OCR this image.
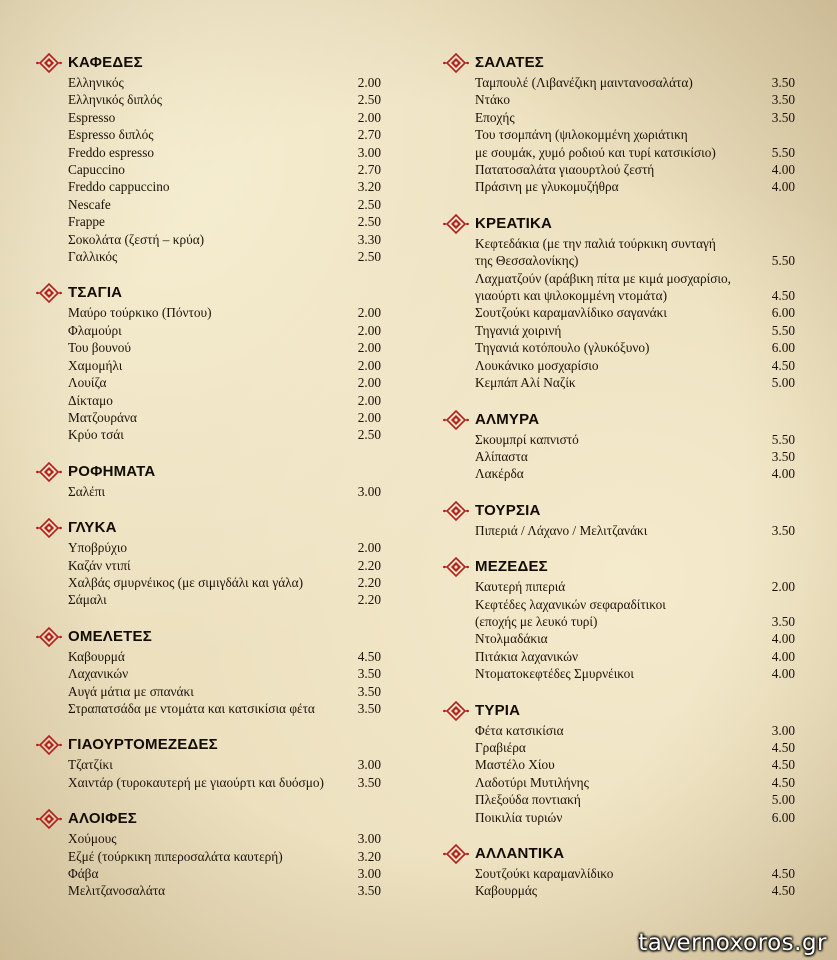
ΚΑΦΕΔΕΣ
Ελληνικός	2.00
Ελληνικός διπλός	2.50
Espresso	2.00
Espresso διπλός	2.70
Freddo espresso	3.00
Capuccino	2.70
Freddo cappuccino	3.20
Nescafe	2.50
Frappe	2.50
Σοκολάτα (ζεστή – κρύα)	3.30
Γαλλικός	2.50
ΤΣΑΓΙΑ
Μαύρο τούρκικο (Πόντου)	2.00
Φλαμούρι	2.00
Του βουνού	2.00
Χαμομήλι	2.00
Λουίζα	2.00
Δίκταμο	2.00
Ματζουράνα	2.00
Κρύο τσάι	2.50
ΡΟΦΗΜΑΤΑ
Σαλέπι	3.00
ΓΛΥΚΑ
Υποβρύχιο	2.00
Καζάν ντιπί	2.20
Χαλβάς σμυρνέικος (με σιμιγδάλι και γάλα)	2.20
Σάμαλι	2.20
ΟΜΕΛΕΤΕΣ
Καβουρμά	4.50
Λαχανικών	3.50
Αυγά μάτια με σπανάκι	3.50
Στραπατσάδα με ντομάτα και κατσικίσια φέτα	3.50
ΓΙΑΟΥΡΤΟΜΕΖΕΔΕΣ
Τζατζίκι	3.00
Χαιντάρ (τυροκαυτερή με γιαούρτι και δυόσμο)	3.50
ΑΛΟΙΦΕΣ
Χούμους	3.00
Εζμέ (τούρκικη πιπεροσαλάτα καυτερή)	3.20
Φάβα	3.00
Μελιτζανοσαλάτα	3.50
ΣΑΛΑΤΕΣ
Ταμπουλέ (Λιβανέζικη μαιντανοσαλάτα)	3.50
Ντάκο	3.50
Εποχής	3.50
Του τσομπάνη (ψιλοκομμένη χωριάτικη
με σουμάκ, χυμό ροδιού και τυρί κατσικίσιο)	5.50
Πατατοσαλάτα γιαουρτλού ζεστή	4.00
Πράσινη με γλυκομυζήθρα	4.00
ΚΡΕΑΤΙΚΑ
Κεφτεδάκια (με την παλιά τούρκικη συνταγή
της Θεσσαλονίκης)	5.50
Λαχματζούν (αράβικη πίτα με κιμά μοσχαρίσιο,
γιαούρτι και ψιλοκομμένη ντομάτα)	4.50
Σουτζούκι καραμανλίδικο σαγανάκι	6.00
Τηγανιά χοιρινή	5.50
Τηγανιά κοτόπουλο (γλυκόξυνο)	6.00
Λουκάνικο μοσχαρίσιο	4.50
Κεμπάπ Αλί Ναζίκ	5.00
ΑΛΜΥΡΑ
Σκουμπρί καπνιστό	5.50
Αλίπαστα	3.50
Λακέρδα	4.00
ΤΟΥΡΣΙΑ
Πιπεριά / Λάχανο / Μελιτζανάκι	3.50
ΜΕΖΕΔΕΣ
Καυτερή πιπεριά	2.00
Κεφτέδες λαχανικών σεφαραδίτικοι
(εποχής με λευκό τυρί)	3.50
Ντολμαδάκια	4.00
Πιτάκια λαχανικών	4.00
Ντοματοκεφτέδες Σμυρνέικοι	4.00
ΤΥΡΙΑ
Φέτα κατσικίσια	3.00
Γραβιέρα	4.50
Μαστέλο Χίου	4.50
Λαδοτύρι Μυτιλήνης	4.50
Πλεξούδα ποντιακή	5.00
Ποικιλία τυριών	6.00
ΑΛΛΑΝΤΙΚΑ
Σουτζούκι καραμανλίδικο	4.50
Καβουρμάς	4.50
tavernoxoros.gr
